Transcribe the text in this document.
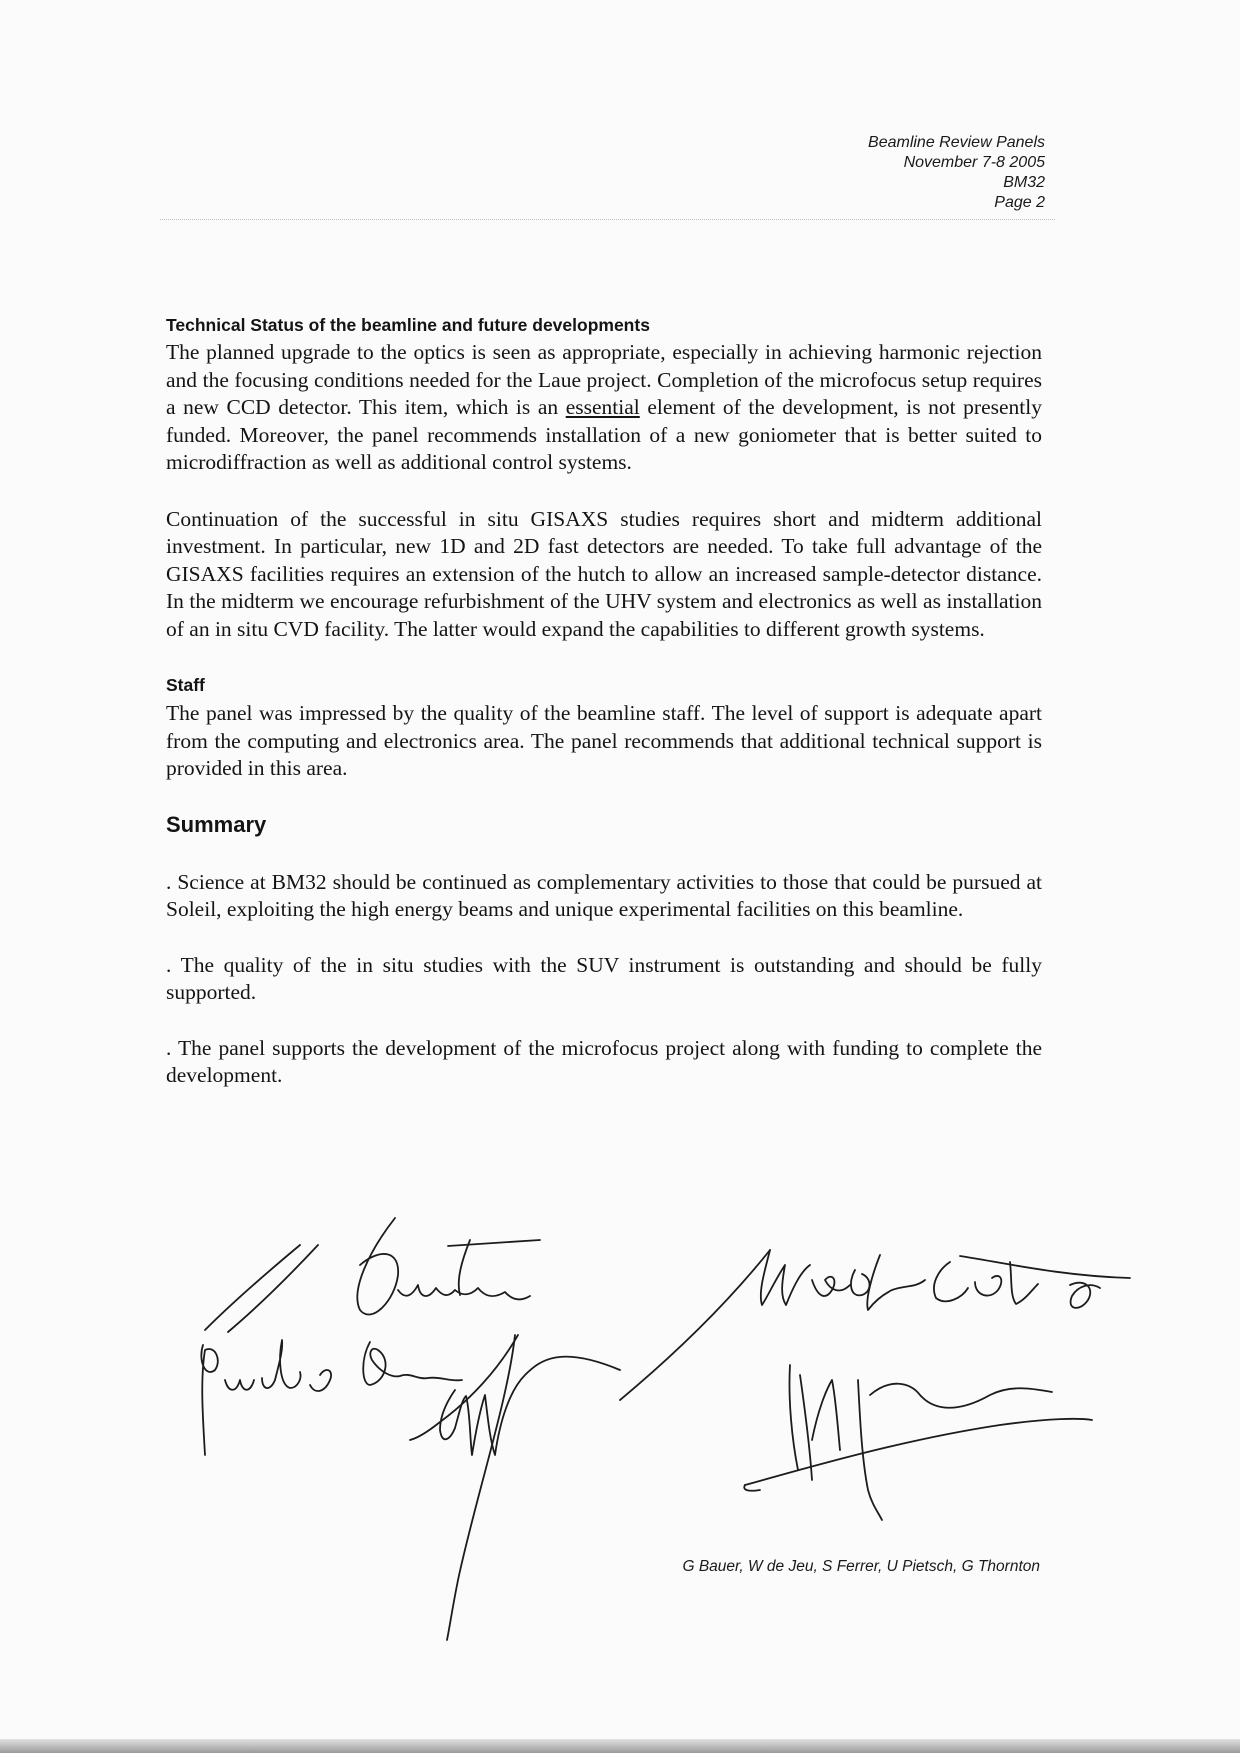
Beamline Review Panels
November 7-8 2005
BM32
Page 2
Technical Status of the beamline and future developments

The planned upgrade to the optics is seen as appropriate, especially in achieving harmonic rejection and the focusing conditions needed for the Laue project. Completion of the microfocus setup requires a new CCD detector. This item, which is an essential element of the development, is not presently funded. Moreover, the panel recommends installation of a new goniometer that is better suited to microdiffraction as well as additional control systems.

Continuation of the successful in situ GISAXS studies requires short and midterm additional investment. In particular, new 1D and 2D fast detectors are needed. To take full advantage of the GISAXS facilities requires an extension of the hutch to allow an increased sample-detector distance. In the midterm we encourage refurbishment of the UHV system and electronics as well as installation of an in situ CVD facility. The latter would expand the capabilities to different growth systems.

Staff

The panel was impressed by the quality of the beamline staff. The level of support is adequate apart from the computing and electronics area. The panel recommends that additional technical support is provided in this area.

Summary

. Science at BM32 should be continued as complementary activities to those that could be pursued at Soleil, exploiting the high energy beams and unique experimental facilities on this beamline.

. The quality of the in situ studies with the SUV instrument is outstanding and should be fully supported.

. The panel supports the development of the microfocus project along with funding to complete the development.

G Bauer, W de Jeu, S Ferrer, U Pietsch, G Thornton
